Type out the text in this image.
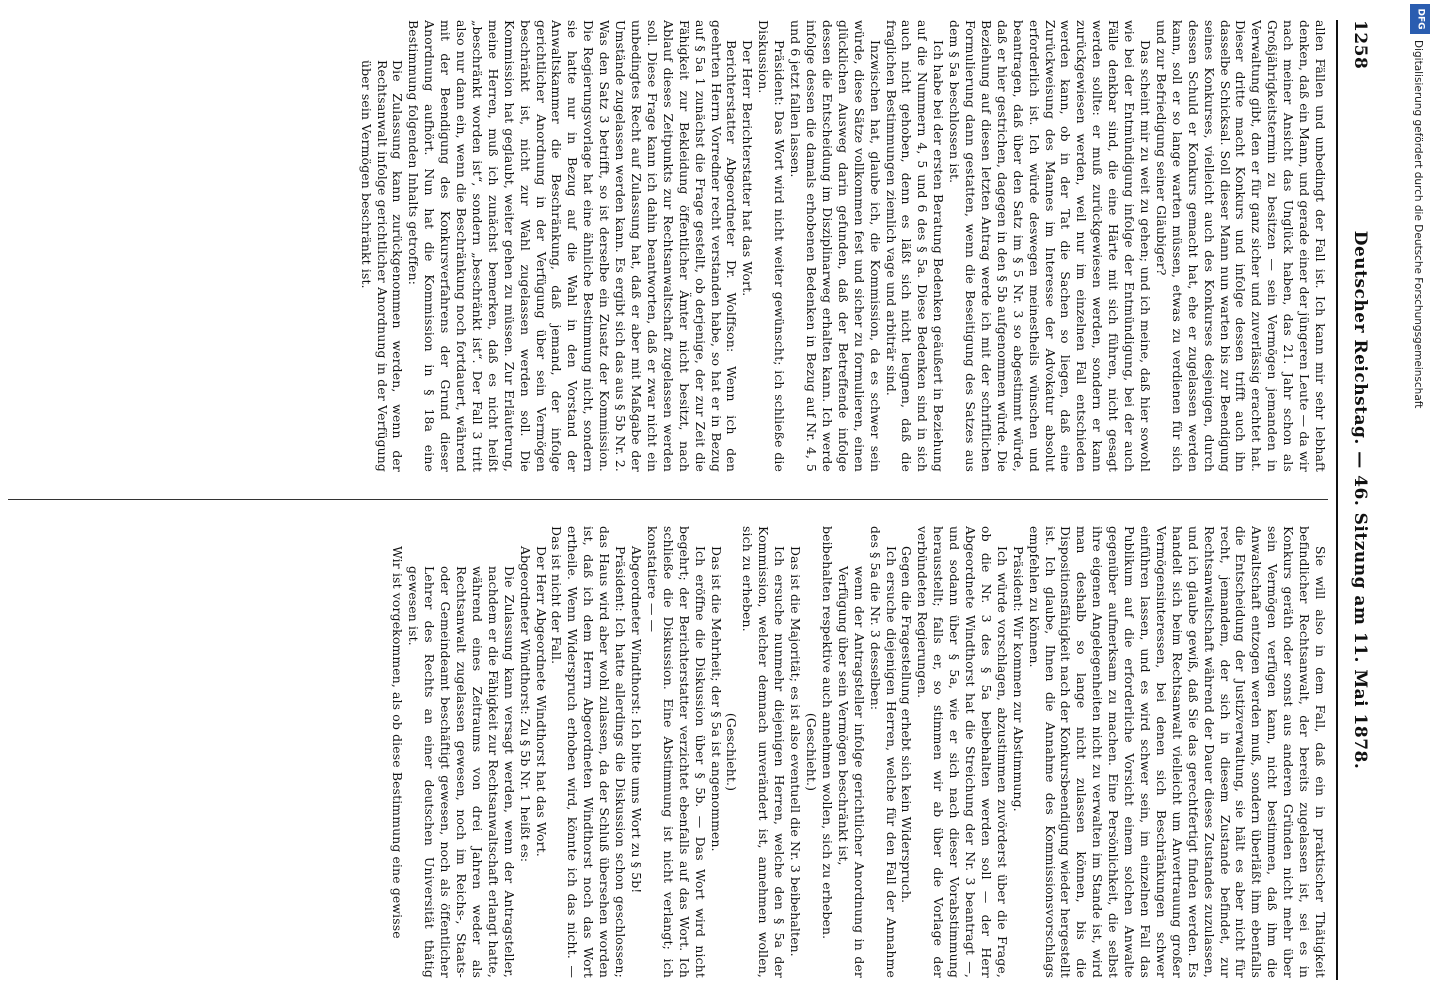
1258
Deutscher Reichstag. — 46. Sitzung am 11. Mai 1878.

allen Fällen und unbedingt der Fall ist. Ich kann mir sehr lebhaft denken, daß ein Mann, und gerade einer der jüngeren Leute — da wir nach meiner Ansicht das Unglück haben, das 21. Jahr schon als Großjährigkeitstermin zu besitzen — sein Vermögen jemanden in Verwaltung gibt, den er für ganz sicher und zuverlässig erachtet hat. Dieser dritte macht Konkurs und infolge dessen trifft auch ihn dasselbe Schicksal. Soll dieser Mann nun warten bis zur Beendigung seines Konkurses, vielleicht auch des Konkurses desjenigen, durch dessen Schuld er Konkurs gemacht hat, ehe er zugelassen werden kann, soll er so lange warten müssen, etwas zu verdienen für sich und zur Befriedigung seiner Gläubiger?

Das scheint mir zu weit zu gehen; und ich meine, daß hier sowohl wie bei der Entmündigung infolge der Entmündigung, bei der auch Fälle denkbar sind, die eine Härte mit sich führen, nicht gesagt werden sollte: er muß zurückgewiesen werden, sondern er kann zurückgewiesen werden, weil nur im einzelnen Fall entschieden werden kann, ob in der Tat die Sachen so liegen, daß eine Zurückweisung des Mannes im Interesse der Advokatur absolut erforderlich ist. Ich würde deswegen meinestheils wünschen und beantragen, daß über den Satz im § 5 Nr. 3 so abgestimmt würde, daß er hier gestrichen, dagegen in den § 5b aufgenommen würde. Die Beziehung auf diesen letzten Antrag werde ich mit der schriftlichen Formulierung dann gestatten, wenn die Beseitigung des Satzes aus dem § 5a beschlossen ist.

Ich habe bei der ersten Beratung Bedenken geäußert in Beziehung auf die Nummern 4, 5 und 6 des § 5a. Diese Bedenken sind in sich auch nicht gehoben, denn es läßt sich nicht leugnen, daß die fraglichen Bestimmungen ziemlich vage und arbiträr sind.

Inzwischen hat, glaube ich, die Kommission, da es schwer sein würde, diese Sätze vollkommen fest und sicher zu formulieren, einen glücklichen Ausweg darin gefunden, daß der Betreffende infolge dessen die Entscheidung im Disziplinarweg erhalten kann. Ich werde infolge dessen die damals erhobenen Bedenken in Bezug auf Nr. 4, 5 und 6 jetzt fallen lassen.

Präsident: Das Wort wird nicht weiter gewünscht; ich schließe die Diskussion.

Der Herr Berichterstatter hat das Wort.

Berichterstatter Abgeordneter Dr. Wolffson: Wenn ich den geehrten Herrn Vorredner recht verstanden habe, so hat er in Bezug auf § 5a 1 zunächst die Frage gestellt, ob derjenige, der zur Zeit die Fähigkeit zur Bekleidung öffentlicher Ämter nicht besitzt, nach Ablauf dieses Zeitpunkts zur Rechtsanwaltschaft zugelassen werden soll. Diese Frage kann ich dahin beantworten, daß er zwar nicht ein unbedingtes Recht auf Zulassung hat, daß er aber mit Maßgabe der Umstände zugelassen werden kann. Es ergibt sich das aus § 5b Nr. 2. Was den Satz 3 betrifft, so ist derselbe ein Zusatz der Kommission. Die Regierungsvorlage hat eine ähnliche Bestimmung nicht, sondern sie hatte nur in Bezug auf die Wahl in den Vorstand der Anwaltskammer die Beschränkung, daß jemand, der infolge gerichtlicher Anordnung in der Verfügung über sein Vermögen beschränkt ist, nicht zur Wahl zugelassen werden soll. Die Kommission hat geglaubt, weiter gehen zu müssen. Zur Erläuterung, meine Herren, muß ich zunächst bemerken, daß es nicht heißt „beschränkt worden ist“, sondern „beschränkt ist“. Der Fall 3 tritt also nur dann ein, wenn die Beschränkung noch fortdauert, während mit der Beendigung des Konkursverfahrens der Grund dieser Anordnung aufhört. Nun hat die Kommission in § 18a eine Bestimmung folgenden Inhalts getroffen:

Die Zulassung kann zurückgenommen werden, wenn der Rechtsanwalt infolge gerichtlicher Anordnung in der Verfügung über sein Vermögen beschränkt ist.

Sie will also in dem Fall, daß ein in praktischer Thätigkeit befindlicher Rechtsanwalt, der bereits zugelassen ist, sei es in Konkurs geräth oder sonst aus anderen Gründen nicht mehr über sein Vermögen verfügen kann, nicht bestimmen, daß ihm die Anwaltschaft entzogen werden muß, sondern überläßt ihm ebenfalls die Entscheidung der Justizverwaltung, sie hält es aber nicht für recht, jemandem, der sich in diesem Zustande befindet, zur Rechtsanwaltschaft während der Dauer dieses Zustandes zuzulassen, und ich glaube gewiß, daß Sie das gerechtfertigt finden werden. Es handelt sich beim Rechtsanwalt vielleicht um Anvertrauung großer Vermögensinteressen, bei denen sich Beschränkungen schwer einführen lassen, und es wird schwer sein, im einzelnen Fall das Publikum auf die erforderliche Vorsicht einem solchen Anwalte gegenüber aufmerksam zu machen. Eine Persönlichkeit, die selbst ihre eigenen Angelegenheiten nicht zu verwalten im Stande ist, wird man deshalb so lange nicht zulassen können, bis die Dispositionsfähigkeit nach der Konkursbeendigung wieder hergestellt ist. Ich glaube, Ihnen die Annahme des Kommissionsvorschlags empfehlen zu können.

Präsident: Wir kommen zur Abstimmung.

Ich würde vorschlagen, abzustimmen zuvörderst über die Frage, ob die Nr. 3 des § 5a beibehalten werden soll — der Herr Abgeordnete Windthorst hat die Streichung der Nr. 3 beantragt —, und sodann über § 5a, wie er sich nach dieser Vorabstimmung herausstellt; falls er, so stimmen wir ab über die Vorlage der verbündeten Regierungen.

Gegen die Fragestellung erhebt sich kein Widerspruch.

Ich ersuche diejenigen Herren, welche für den Fall der Annahme des § 5a die Nr. 3 desselben:

wenn der Antragsteller infolge gerichtlicher Anordnung in der Verfügung über sein Vermögen beschränkt ist,

beibehalten respektive auch annehmen wollen, sich zu erheben.

(Geschieht.)

Das ist die Majorität; es ist also eventuell die Nr. 3 beibehalten.

Ich ersuche nunmehr diejenigen Herren, welche den § 5a der Kommission, welcher demnach unverändert ist, annehmen wollen, sich zu erheben.

(Geschieht.)

Das ist die Mehrheit; der § 5a ist angenommen.

Ich eröffne die Diskussion über § 5b. — Das Wort wird nicht begehrt; der Berichterstatter verzichtet ebenfalls auf das Wort. Ich schließe die Diskussion. Eine Abstimmung ist nicht verlangt; ich konstatiere — —

Abgeordneter Windthorst: Ich bitte ums Wort zu § 5b!

Präsident: Ich hatte allerdings die Diskussion schon geschlossen; das Haus wird aber wohl zulassen, da der Schluß übersehen worden ist, daß ich dem Herrn Abgeordneten Windthorst noch das Wort ertheile. Wenn Widerspruch erhoben wird, könnte ich das nicht. — Das ist nicht der Fall.

Der Herr Abgeordnete Windthorst hat das Wort.

Abgeordneter Windthorst: Zu § 5b Nr. 1 heißt es:

Die Zulassung kann versagt werden, wenn der Antragsteller, nachdem er die Fähigkeit zur Rechtsanwaltschaft erlangt hatte, während eines Zeitraums von drei Jahren weder als Rechtsanwalt zugelassen gewesen, noch im Reichs-, Staats- oder Gemeindeamt beschäftigt gewesen, noch als öffentlicher Lehrer des Rechts an einer deutschen Universität thätig gewesen ist.

Wir ist vorgekommen, als ob diese Bestimmung eine gewisse

DFG
Digitalisierung gefördert durch die Deutsche Forschungsgemeinschaft
